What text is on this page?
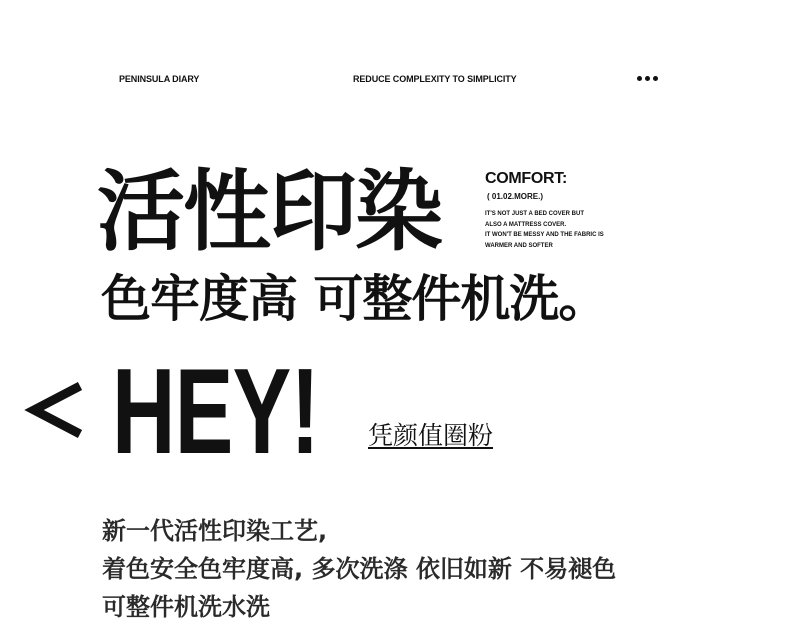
PENINSULA DIARY	REDUCE COMPLEXITY TO SIMPLICITY
活性印染
色牢度高 可整件机洗。
COMFORT:
( 01.02.MORE.)
IT'S NOT JUST A BED COVER BUT
ALSO A MATTRESS COVER.
IT WON'T BE MESSY AND THE FABRIC IS
WARMER AND SOFTER
HEY! 凭颜值圈粉
新一代活性印染工艺,
着色安全色牢度高, 多次洗涤 依旧如新 不易褪色
可整件机洗水洗
